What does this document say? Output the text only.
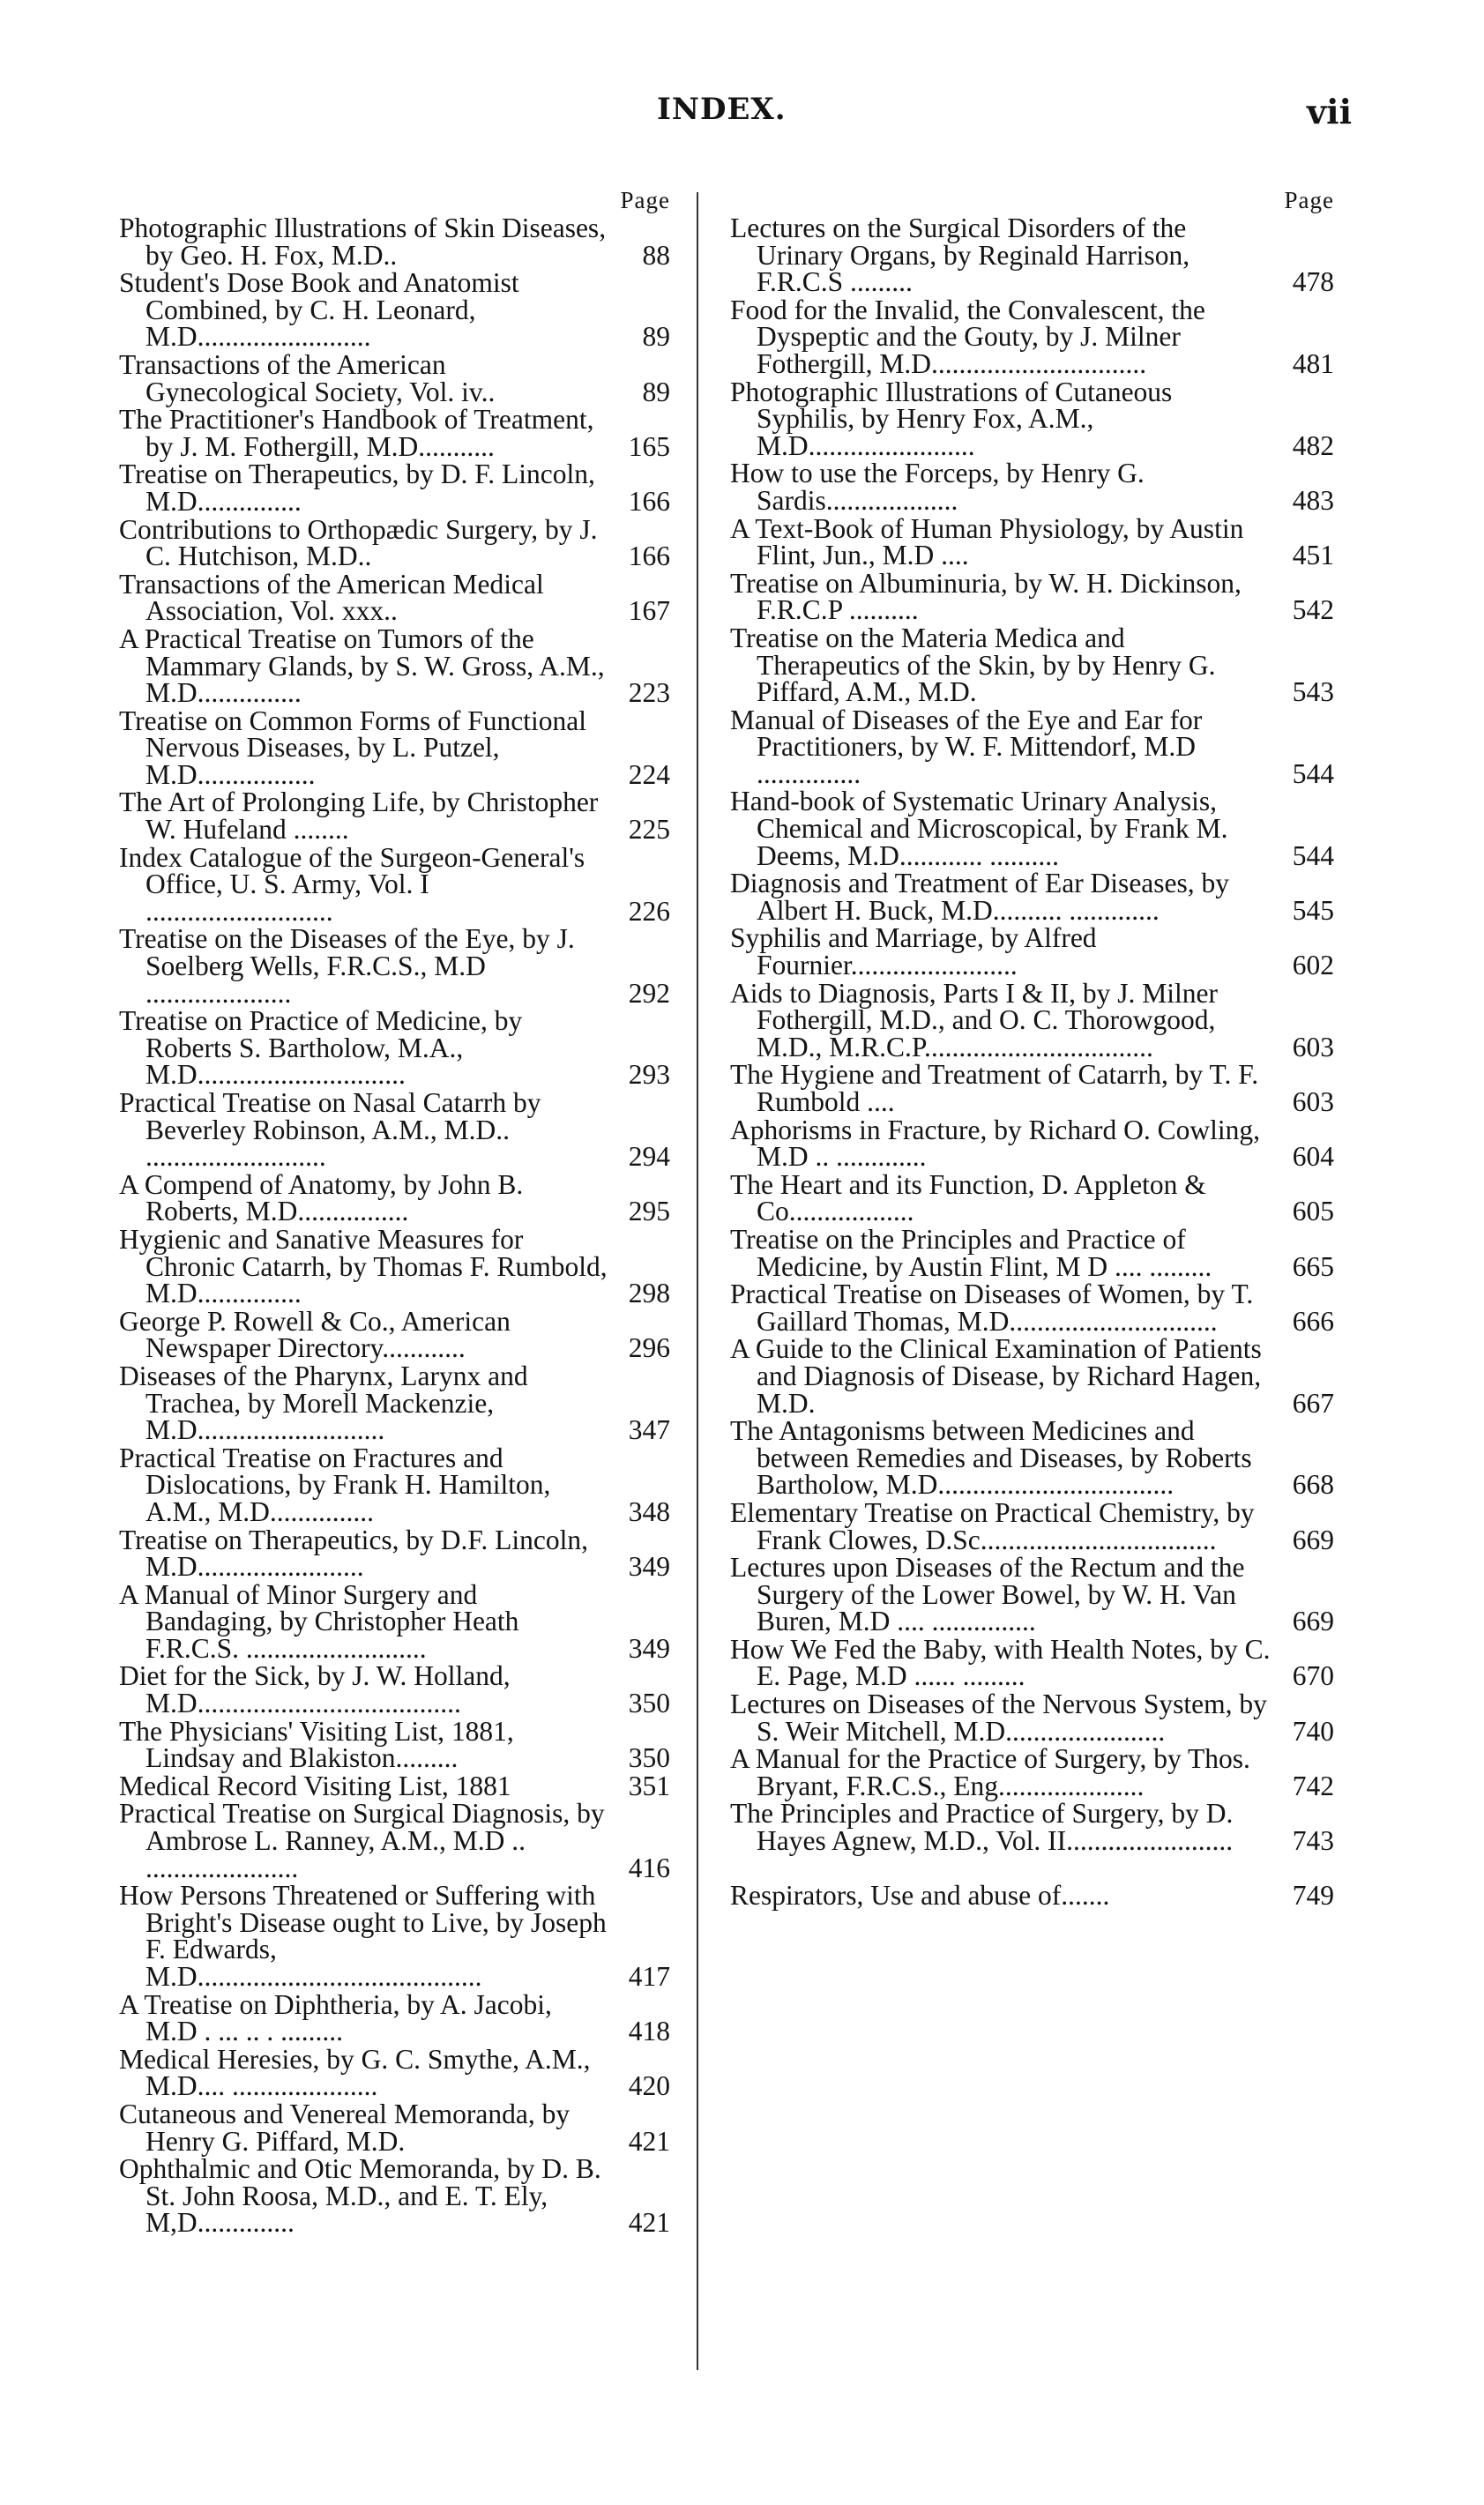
INDEX.	vii
Page
Photographic Illustrations of Skin Diseases, by Geo. H. Fox, M.D..	88
Student's Dose Book and Anatomist Combined, by C. H. Leonard, M.D.........................	89
Transactions of the American Gynecological Society, Vol. iv..	89
The Practitioner's Handbook of Treatment, by J. M. Fothergill, M.D...........	165
Treatise on Therapeutics, by D. F. Lincoln, M.D...............	166
Contributions to Orthopædic Surgery, by J. C. Hutchison, M.D..	166
Transactions of the American Medical Association, Vol. xxx..	167
A Practical Treatise on Tumors of the Mammary Glands, by S. W. Gross, A.M., M.D...............	223
Treatise on Common Forms of Functional Nervous Diseases, by L. Putzel, M.D.................	224
The Art of Prolonging Life, by Christopher W. Hufeland ........	225
Index Catalogue of the Surgeon-General's Office, U. S. Army, Vol. I ...........................	226
Treatise on the Diseases of the Eye, by J. Soelberg Wells, F.R.C.S., M.D .....................	292
Treatise on Practice of Medicine, by Roberts S. Bartholow, M.A., M.D..............................	293
Practical Treatise on Nasal Catarrh by Beverley Robinson, A.M., M.D.. ..........................	294
A Compend of Anatomy, by John B. Roberts, M.D................	295
Hygienic and Sanative Measures for Chronic Catarrh, by Thomas F. Rumbold, M.D...............	298
George P. Rowell & Co., American Newspaper Directory............	296
Diseases of the Pharynx, Larynx and Trachea, by Morell Mackenzie, M.D...........................	347
Practical Treatise on Fractures and Dislocations, by Frank H. Hamilton, A.M., M.D...............	348
Treatise on Therapeutics, by D.F. Lincoln, M.D........................	349
A Manual of Minor Surgery and Bandaging, by Christopher Heath F.R.C.S. ..........................	349
Diet for the Sick, by J. W. Holland, M.D......................................	350
The Physicians' Visiting List, 1881, Lindsay and Blakiston.........	350
Medical Record Visiting List, 1881	351
Practical Treatise on Surgical Diagnosis, by Ambrose L. Ranney, A.M., M.D .. ......................	416
How Persons Threatened or Suffering with Bright's Disease ought to Live, by Joseph F. Edwards, M.D.........................................	417
A Treatise on Diphtheria, by A. Jacobi, M.D . ... .. . .........	418
Medical Heresies, by G. C. Smythe, A.M., M.D.... .....................	420
Cutaneous and Venereal Memoranda, by Henry G. Piffard, M.D.	421
Ophthalmic and Otic Memoranda, by D. B. St. John Roosa, M.D., and E. T. Ely, M,D..............	421
Page
Lectures on the Surgical Disorders of the Urinary Organs, by Reginald Harrison, F.R.C.S .........	478
Food for the Invalid, the Convalescent, the Dyspeptic and the Gouty, by J. Milner Fothergill, M.D...............................	481
Photographic Illustrations of Cutaneous Syphilis, by Henry Fox, A.M., M.D........................	482
How to use the Forceps, by Henry G. Sardis...................	483
A Text-Book of Human Physiology, by Austin Flint, Jun., M.D ....	451
Treatise on Albuminuria, by W. H. Dickinson, F.R.C.P ..........	542
Treatise on the Materia Medica and Therapeutics of the Skin, by by Henry G. Piffard, A.M., M.D.	543
Manual of Diseases of the Eye and Ear for Practitioners, by W. F. Mittendorf, M.D ...............	544
Hand-book of Systematic Urinary Analysis, Chemical and Microscopical, by Frank M. Deems, M.D............ ..........	544
Diagnosis and Treatment of Ear Diseases, by Albert H. Buck, M.D.......... .............	545
Syphilis and Marriage, by Alfred Fournier........................	602
Aids to Diagnosis, Parts I & II, by J. Milner Fothergill, M.D., and O. C. Thorowgood, M.D., M.R.C.P.................................	603
The Hygiene and Treatment of Catarrh, by T. F. Rumbold ....	603
Aphorisms in Fracture, by Richard O. Cowling, M.D .. .............	604
The Heart and its Function, D. Appleton & Co..................	605
Treatise on the Principles and Practice of Medicine, by Austin Flint, M D .... .........	665
Practical Treatise on Diseases of Women, by T. Gaillard Thomas, M.D..............................	666
A Guide to the Clinical Examination of Patients and Diagnosis of Disease, by Richard Hagen, M.D.	667
The Antagonisms between Medicines and between Remedies and Diseases, by Roberts Bartholow, M.D..................................	668
Elementary Treatise on Practical Chemistry, by Frank Clowes, D.Sc..................................	669
Lectures upon Diseases of the Rectum and the Surgery of the Lower Bowel, by W. H. Van Buren, M.D .... ...............	669
How We Fed the Baby, with Health Notes, by C. E. Page, M.D ...... .........	670
Lectures on Diseases of the Nervous System, by S. Weir Mitchell, M.D.......................	740
A Manual for the Practice of Surgery, by Thos. Bryant, F.R.C.S., Eng.....................	742
The Principles and Practice of Surgery, by D. Hayes Agnew, M.D., Vol. II........................	743
Respirators, Use and abuse of.......	749
